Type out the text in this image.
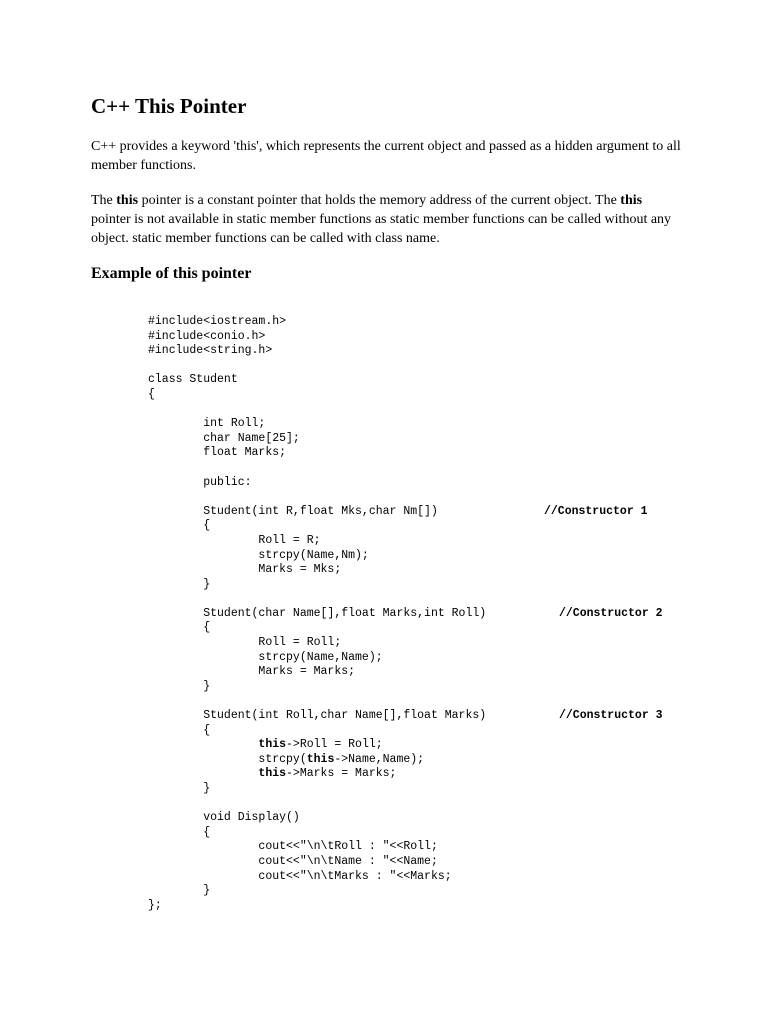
C++ This Pointer

C++ provides a keyword 'this', which represents the current object and passed as a hidden argument to all member functions.

The this pointer is a constant pointer that holds the memory address of the current object. The this pointer is not available in static member functions as static member functions can be called without any object. static member functions can be called with class name.

Example of this pointer
#include<iostream.h>
#include<conio.h>
#include<string.h>
class Student
{
int Roll;
char Name[25];
float Marks;
public:
Student(int R,float Mks,char Nm[])	//Constructor 1
{
Roll = R;
strcpy(Name,Nm);
Marks = Mks;
}
Student(char Name[],float Marks,int Roll)	//Constructor 2
{
Roll = Roll;
strcpy(Name,Name);
Marks = Marks;
}
Student(int Roll,char Name[],float Marks)	//Constructor 3
{
this->Roll = Roll;
strcpy(this->Name,Name);
this->Marks = Marks;
}
void Display()
{
cout<<"\n\tRoll : "<<Roll;
cout<<"\n\tName : "<<Name;
cout<<"\n\tMarks : "<<Marks;
}
};
